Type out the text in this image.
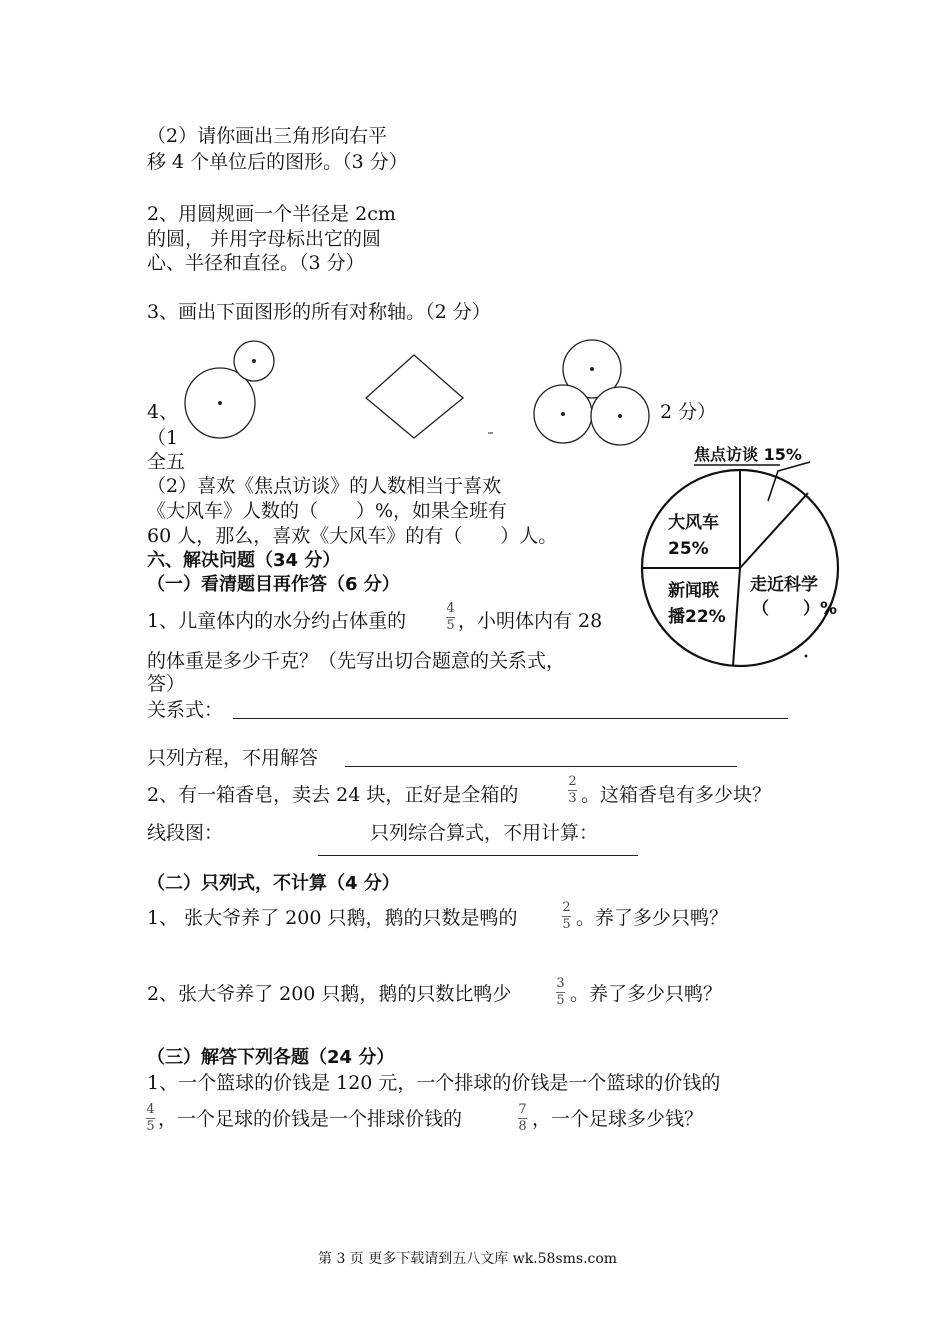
（2）请你画出三角形向右平
移 4 个单位后的图形。（3 分）
2、用圆规画一个半径是 2cm
的圆， 并用字母标出它的圆
心、半径和直径。（3 分）
3、画出下面图形的所有对称轴。（2 分）
4、	2 分）
（1
全五
（2）喜欢《焦点访谈》的人数相当于喜欢
《大风车》人数的（　　）%，如果全班有
60 人，那么，喜欢《大风车》的有（　　）人。
焦点访谈 15%
大风车
25%
走近科学
（　　）%
新闻联
播22%
六、解决问题（34 分）
（一）看清题目再作答（6 分）
1、儿童体内的水分约占体重的
4
5 ，小明体内有 28
的体重是多少千克？（先写出切合题意的关系式，
答）
关系式：
只列方程，不用解答
2、有一箱香皂，卖去 24 块，正好是全箱的
2
3 。这箱香皂有多少块？
线段图：	只列综合算式，不用计算：
（二）只列式，不计算（4 分）
1、 张大爷养了 200 只鹅，鹅的只数是鸭的	2
5 。养了多少只鸭？
2、张大爷养了 200 只鹅，鹅的只数比鸭少	3
5 。养了多少只鸭？
（三）解答下列各题（24 分）
1、一个篮球的价钱是 120 元，一个排球的价钱是一个篮球的价钱的
4
5 ，一个足球的价钱是一个排球价钱的	7
8 ，一个足球多少钱？
第 3 页 更多下载请到五八文库 wk.58sms.com
